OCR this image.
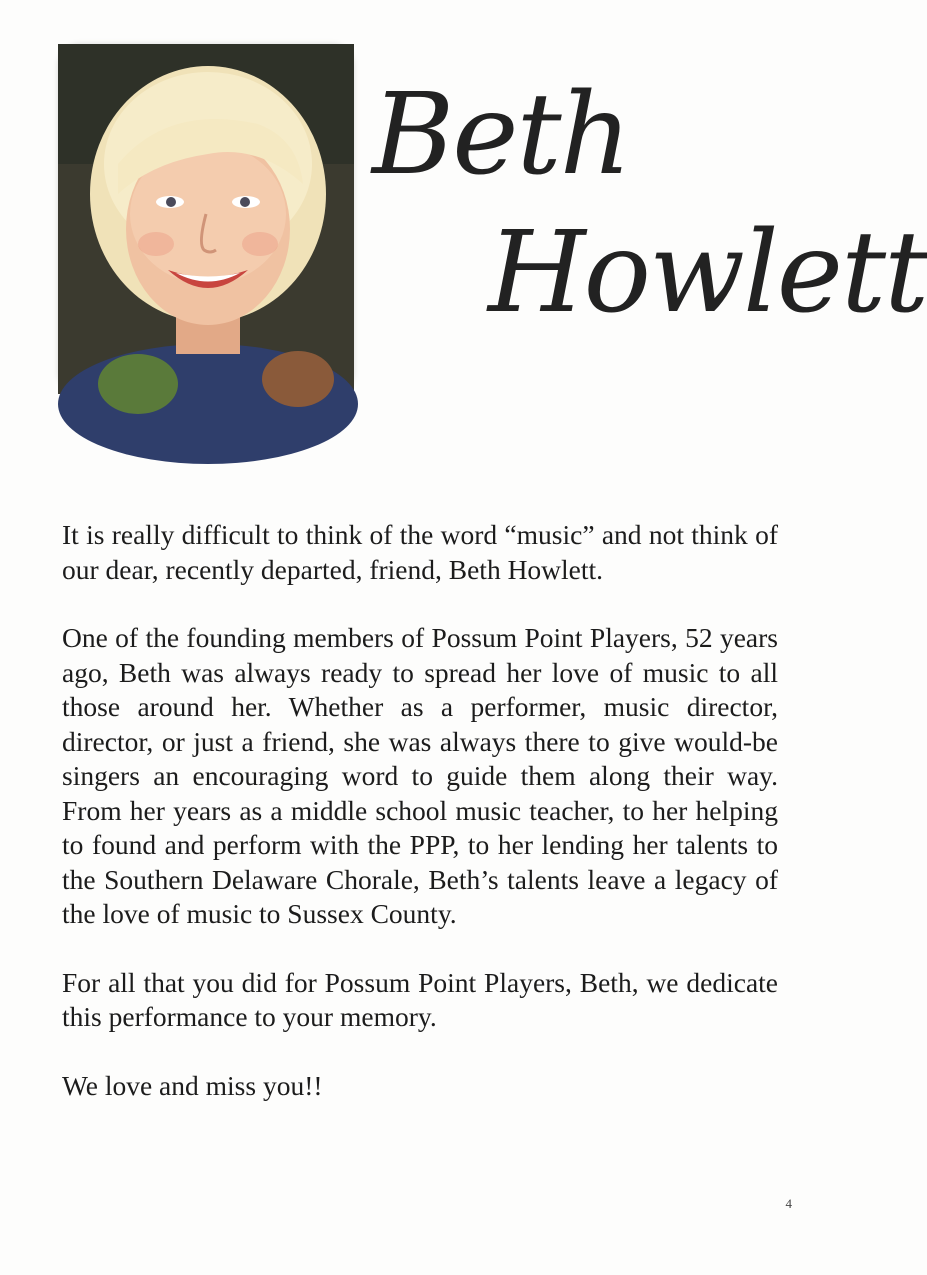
Beth
Howlett

It is really difficult to think of the word “music” and not think of our dear, recently departed, friend, Beth Howlett.

One of the founding members of Possum Point Players, 52 years ago, Beth was always ready to spread her love of music to all those around her. Whether as a performer, music director, director, or just a friend, she was always there to give would-be singers an encouraging word to guide them along their way. From her years as a middle school music teacher, to her helping to found and perform with the PPP, to her lending her talents to the Southern Delaware Chorale, Beth’s talents leave a legacy of the love of music to Sussex County.

For all that you did for Possum Point Players, Beth, we dedicate this performance to your memory.

We love and miss you!!

4
